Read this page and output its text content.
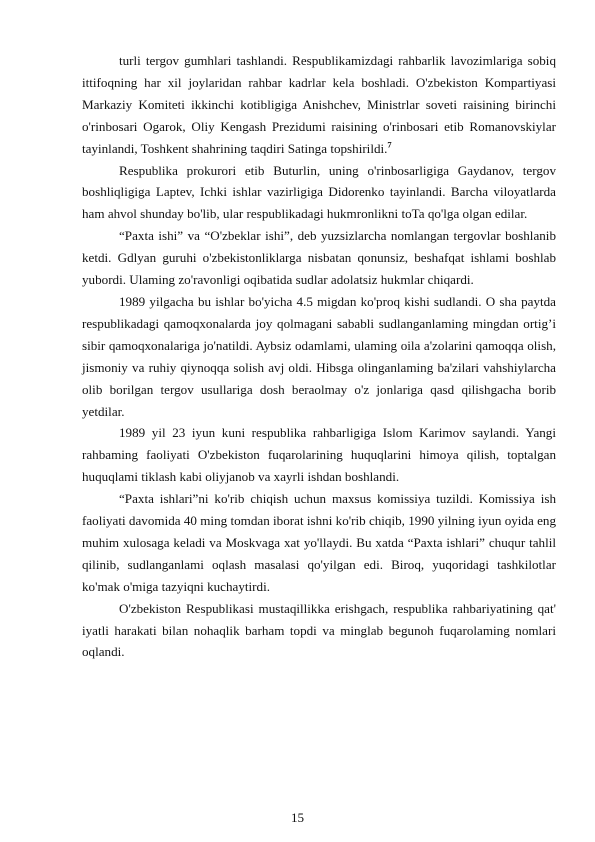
turli tergov gumhlari tashlandi. Respublikamizdagi rahbarlik lavozimlariga sobiq ittifoqning har xil joylaridan rahbar kadrlar kela boshladi. O'zbekiston Kompartiyasi Markaziy Komiteti ikkinchi kotibligiga Anishchev, Ministrlar soveti raisining birinchi o'rinbosari Ogarok, Oliy Kengash Prezidumi raisining o'rinbosari etib Romanovskiylar tayinlandi, Toshkent shahrining taqdiri Satinga topshirildi.$^7$

Respublika prokurori etib Buturlin, uning o'rinbosarligiga Gaydanov, tergov boshliqligiga Laptev, Ichki ishlar vazirligiga Didorenko tayinlandi. Barcha viloyatlarda ham ahvol shunday bo'lib, ular respublikadagi hukmronlikni toTa qo'lga olgan edilar.

“Paxta ishi” va “O'zbeklar ishi”, deb yuzsizlarcha nomlangan tergovlar boshlanib ketdi. Gdlyan guruhi o'zbekistonliklarga nisbatan qonunsiz, beshafqat ishlami boshlab yubordi. Ulaming zo'ravonligi oqibatida sudlar adolatsiz hukmlar chiqardi.

1989 yilgacha bu ishlar bo'yicha 4.5 migdan ko'proq kishi sudlandi. O sha paytda respublikadagi qamoqxonalarda joy qolmagani sababli sudlanganlaming mingdan ortig’i sibir qamoqxonalariga jo'natildi. Aybsiz odamlami, ulaming oila a'zolarini qamoqqa olish, jismoniy va ruhiy qiynoqqa solish avj oldi. Hibsga olinganlaming ba'zilari vahshiylarcha olib borilgan tergov usullariga dosh beraolmay o'z jonlariga qasd qilishgacha borib yetdilar.

1989 yil 23 iyun kuni respublika rahbarligiga Islom Karimov saylandi. Yangi rahbaming faoliyati O'zbekiston fuqarolarining huquqlarini himoya qilish, toptalgan huquqlami tiklash kabi oliyjanob va xayrli ishdan boshlandi.

“Paxta ishlari”ni ko'rib chiqish uchun maxsus komissiya tuzildi. Komissiya ish faoliyati davomida 40 ming tomdan iborat ishni ko'rib chiqib, 1990 yilning iyun oyida eng muhim xulosaga keladi va Moskvaga xat yo'llaydi. Bu xatda “Paxta ishlari” chuqur tahlil qilinib, sudlanganlami oqlash masalasi qo'yilgan edi. Biroq, yuqoridagi tashkilotlar ko'mak o'miga tazyiqni kuchaytirdi.

O'zbekiston Respublikasi mustaqillikka erishgach, respublika rahbariyatining qat' iyatli harakati bilan nohaqlik barham topdi va minglab begunoh fuqarolaming nomlari oqlandi.

15
